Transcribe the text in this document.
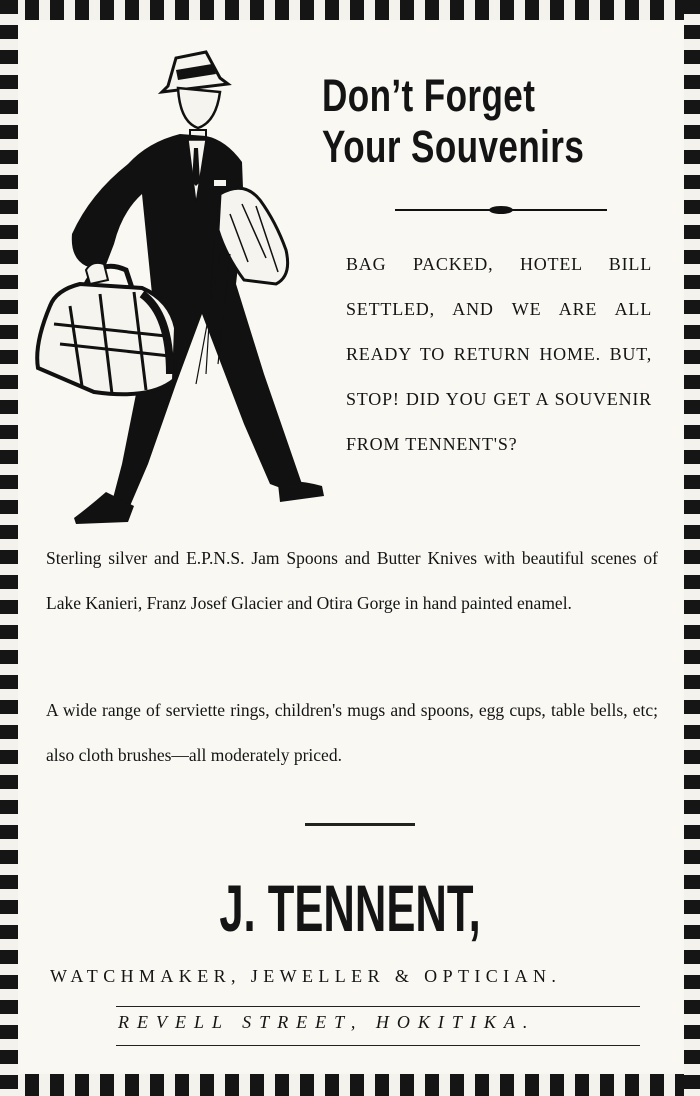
Don’t Forget
Your Souvenirs
BAG PACKED, HOTEL BILL SETTLED, AND WE ARE ALL READY TO RETURN HOME. BUT, STOP! DID YOU GET A SOUVENIR FROM TENNENT'S?
Sterling silver and E.P.N.S. Jam Spoons and Butter Knives with beautiful scenes of Lake Kanieri, Franz Josef Glacier and Otira Gorge in hand painted enamel.
A wide range of serviette rings, children's mugs and spoons, egg cups, table bells, etc; also cloth brushes—all moderately priced.
J. TENNENT,
WATCHMAKER, JEWELLER & OPTICIAN.
REVELL STREET, HOKITIKA.
